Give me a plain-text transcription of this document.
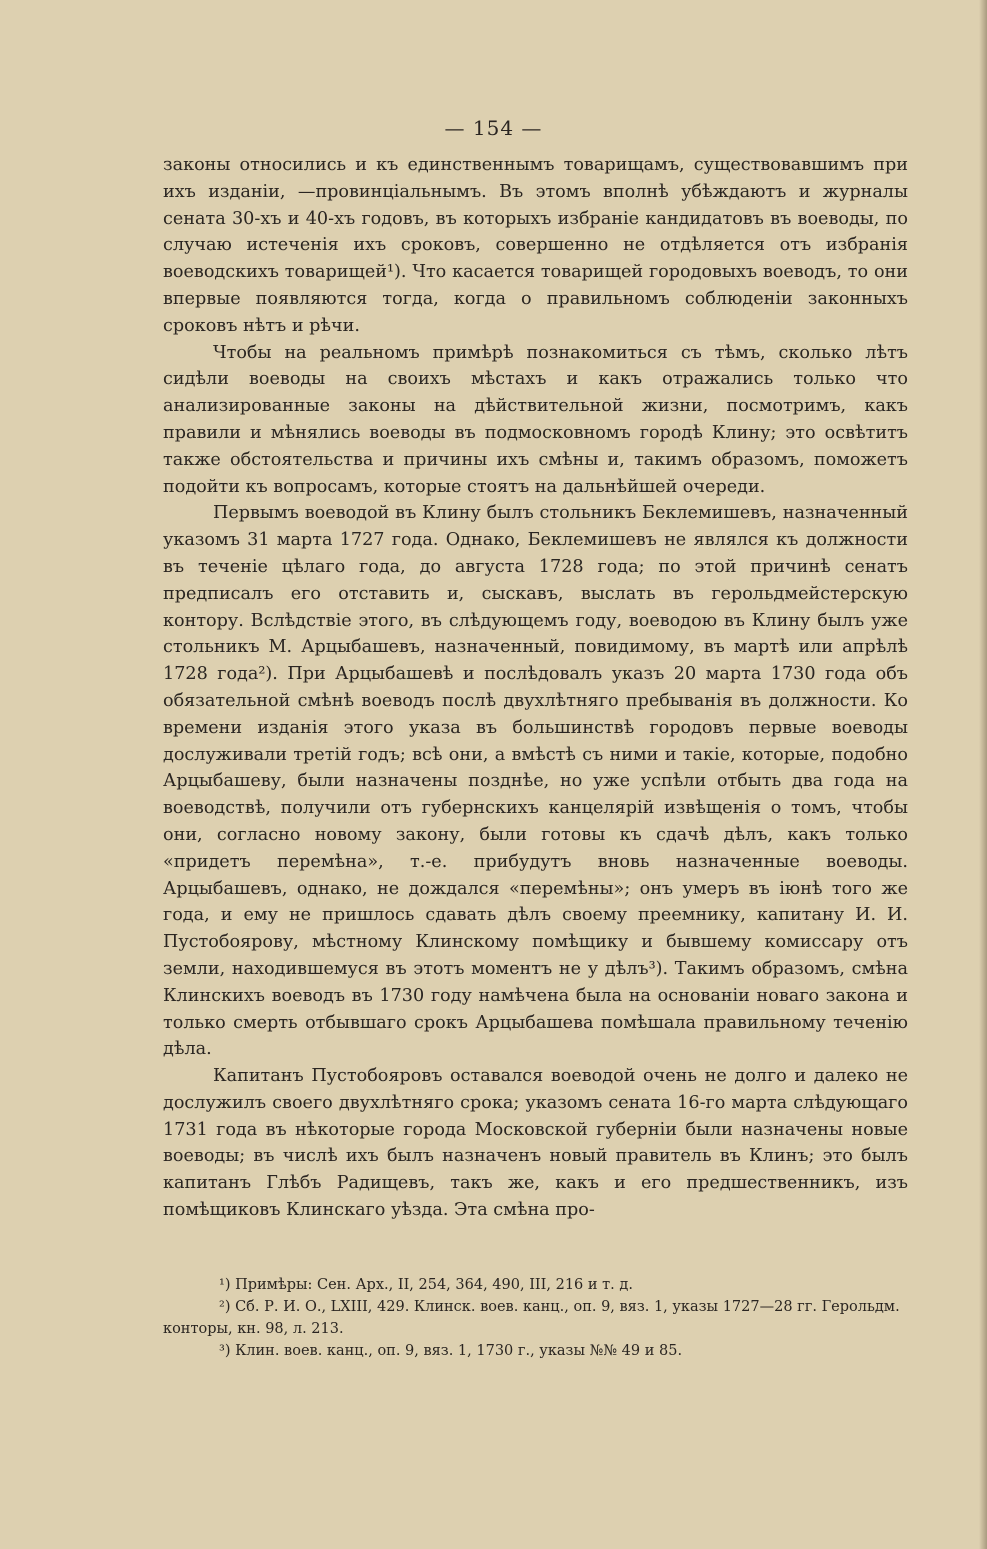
— 154 —

законы относились и къ единственнымъ товарищамъ, существовавшимъ при ихъ изданіи, —провинціальнымъ. Въ этомъ вполнѣ убѣждаютъ и журналы сената 30-хъ и 40-хъ годовъ, въ которыхъ избраніе кандидатовъ въ воеводы, по случаю истеченія ихъ сроковъ, совершенно не отдѣляется отъ избранія воеводскихъ товарищей¹). Что касается товарищей городовыхъ воеводъ, то они впервые появляются тогда, когда о правильномъ соблюденіи законныхъ сроковъ нѣтъ и рѣчи.

Чтобы на реальномъ примѣрѣ познакомиться съ тѣмъ, сколько лѣтъ сидѣли воеводы на своихъ мѣстахъ и какъ отражались только что анализированные законы на дѣйствительной жизни, посмотримъ, какъ правили и мѣнялись воеводы въ подмосковномъ городѣ Клину; это освѣтитъ также обстоятельства и причины ихъ смѣны и, такимъ образомъ, поможетъ подойти къ вопросамъ, которые стоятъ на дальнѣйшей очереди.

Первымъ воеводой въ Клину былъ стольникъ Беклемишевъ, назначенный указомъ 31 марта 1727 года. Однако, Беклемишевъ не являлся къ должности въ теченіе цѣлаго года, до августа 1728 года; по этой причинѣ сенатъ предписалъ его отставить и, сыскавъ, выслать въ герольдмейстерскую контору. Вслѣдствіе этого, въ слѣдующемъ году, воеводою въ Клину былъ уже стольникъ М. Арцыбашевъ, назначенный, повидимому, въ мартѣ или апрѣлѣ 1728 года²). При Арцыбашевѣ и послѣдовалъ указъ 20 марта 1730 года объ обязательной смѣнѣ воеводъ послѣ двухлѣтняго пребыванія въ должности. Ко времени изданія этого указа въ большинствѣ городовъ первые воеводы дослуживали третій годъ; всѣ они, а вмѣстѣ съ ними и такіе, которые, подобно Арцыбашеву, были назначены позднѣе, но уже успѣли отбыть два года на воеводствѣ, получили отъ губернскихъ канцелярій извѣщенія о томъ, чтобы они, согласно новому закону, были готовы къ сдачѣ дѣлъ, какъ только «придетъ перемѣна», т.-е. прибудутъ вновь назначенные воеводы. Арцыбашевъ, однако, не дождался «перемѣны»; онъ умеръ въ іюнѣ того же года, и ему не пришлось сдавать дѣлъ своему преемнику, капитану И. И. Пустобоярову, мѣстному Клинскому помѣщику и бывшему комиссару отъ земли, находившемуся въ этотъ моментъ не у дѣлъ³). Такимъ образомъ, смѣна Клинскихъ воеводъ въ 1730 году намѣчена была на основаніи новаго закона и только смерть отбывшаго срокъ Арцыбашева помѣшала правильному теченію дѣла.

Капитанъ Пустобояровъ оставался воеводой очень не долго и далеко не дослужилъ своего двухлѣтняго срока; указомъ сената 16-го марта слѣдующаго 1731 года въ нѣкоторые города Московской губерніи были назначены новые воеводы; въ числѣ ихъ былъ назначенъ новый правитель въ Клинъ; это былъ капитанъ Глѣбъ Радищевъ, такъ же, какъ и его предшественникъ, изъ помѣщиковъ Клинскаго уѣзда. Эта смѣна про-

¹) Примѣры: Сен. Арх., II, 254, 364, 490, III, 216 и т. д.

²) Сб. Р. И. О., LXIII, 429. Клинск. воев. канц., оп. 9, вяз. 1, указы 1727—28 гг. Герольдм. конторы, кн. 98, л. 213.

³) Клин. воев. канц., оп. 9, вяз. 1, 1730 г., указы №№ 49 и 85.
